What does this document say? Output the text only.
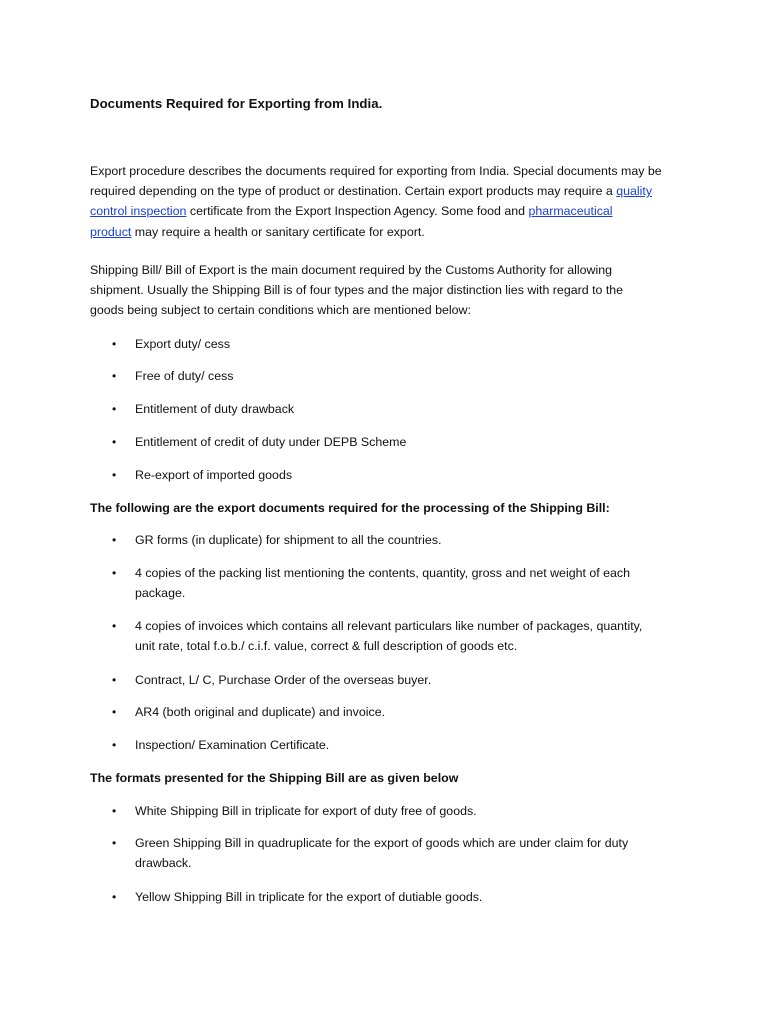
Documents Required for Exporting from India.
Export procedure describes the documents required for exporting from India. Special documents may be
required depending on the type of product or destination. Certain export products may require a quality
control inspection certificate from the Export Inspection Agency. Some food and pharmaceutical
product may require a health or sanitary certificate for export.
Shipping Bill/ Bill of Export is the main document required by the Customs Authority for allowing
shipment. Usually the Shipping Bill is of four types and the major distinction lies with regard to the
goods being subject to certain conditions which are mentioned below:
• Export duty/ cess
• Free of duty/ cess
• Entitlement of duty drawback
• Entitlement of credit of duty under DEPB Scheme
• Re-export of imported goods
The following are the export documents required for the processing of the Shipping Bill:
• GR forms (in duplicate) for shipment to all the countries.
• 4 copies of the packing list mentioning the contents, quantity, gross and net weight of each
package.
• 4 copies of invoices which contains all relevant particulars like number of packages, quantity,
unit rate, total f.o.b./ c.i.f. value, correct & full description of goods etc.
• Contract, L/ C, Purchase Order of the overseas buyer.
• AR4 (both original and duplicate) and invoice.
• Inspection/ Examination Certificate.
The formats presented for the Shipping Bill are as given below
• White Shipping Bill in triplicate for export of duty free of goods.
• Green Shipping Bill in quadruplicate for the export of goods which are under claim for duty
drawback.
• Yellow Shipping Bill in triplicate for the export of dutiable goods.
